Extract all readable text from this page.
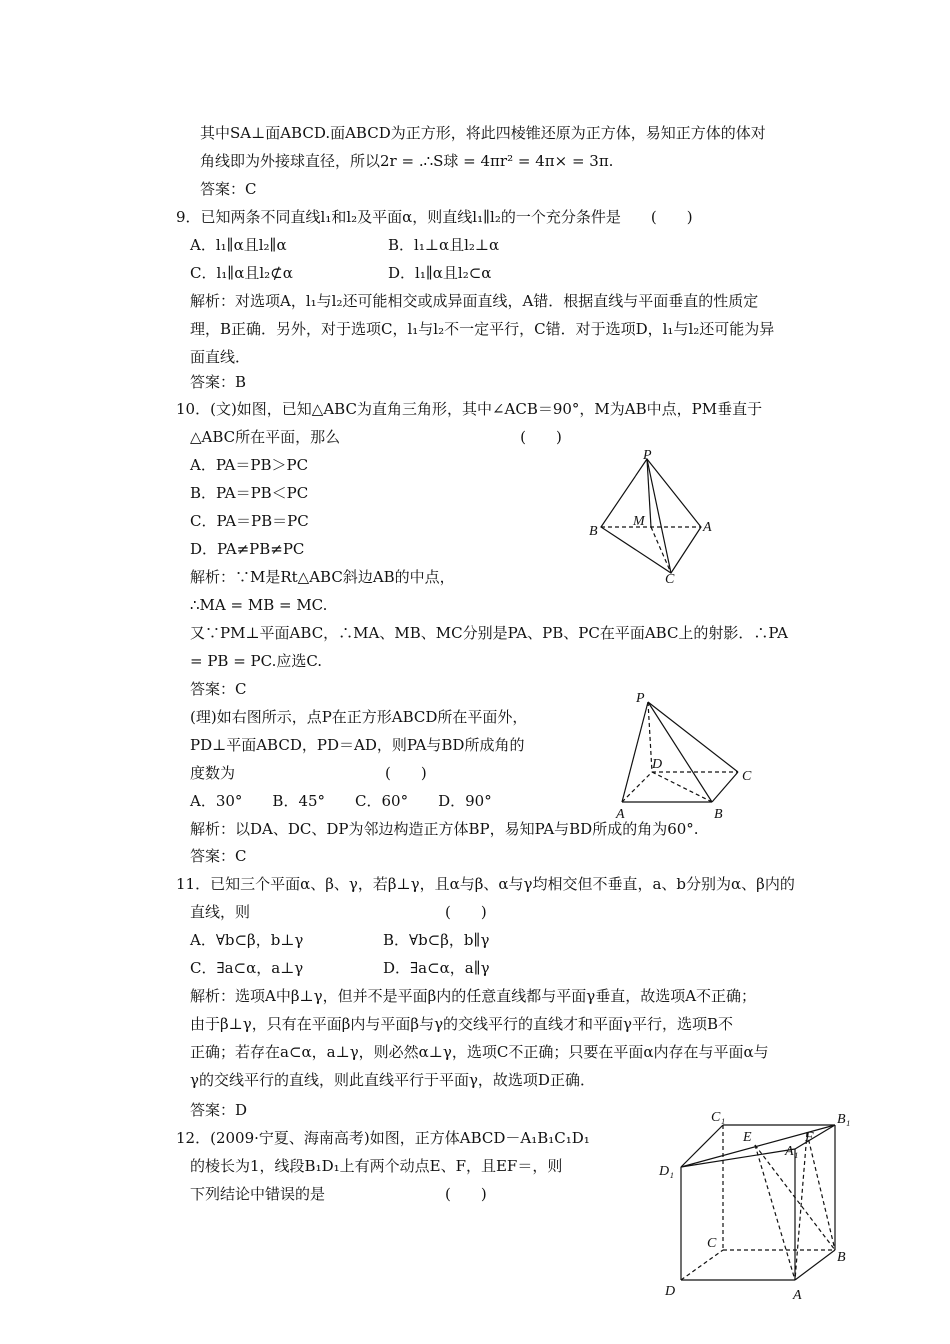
其中SA⊥面ABCD.面ABCD为正方形，将此四棱锥还原为正方体，易知正方体的体对
角线即为外接球直径，所以2r = .∴S球 = 4πr² = 4π× = 3π.
答案：C
9．已知两条不同直线l₁和l₂及平面α，则直线l₁∥l₂的一个充分条件是　　(　　)
A．l₁∥α且l₂∥α	B．l₁⊥α且l₂⊥α
C．l₁∥α且l₂⊄α	D．l₁∥α且l₂⊂α
解析：对选项A，l₁与l₂还可能相交或成异面直线，A错．根据直线与平面垂直的性质定
理，B正确．另外，对于选项C，l₁与l₂不一定平行，C错．对于选项D，l₁与l₂还可能为异
面直线．
答案：B
10．(文)如图，已知△ABC为直角三角形，其中∠ACB＝90°，M为AB中点，PM垂直于
△ABC所在平面，那么　　　　　　　　　　　　(　　)
A．PA＝PB＞PC
B．PA＝PB＜PC
C．PA＝PB＝PC
D．PA≠PB≠PC
解析：∵M是Rt△ABC斜边AB的中点，
∴MA = MB = MC.
又∵PM⊥平面ABC，∴MA、MB、MC分别是PA、PB、PC在平面ABC上的射影．∴PA
= PB = PC.应选C.
答案：C
(理)如右图所示，点P在正方形ABCD所在平面外，
PD⊥平面ABCD，PD＝AD，则PA与BD所成角的
度数为　　　　　　　　　　(　　)
A．30°　　B．45°　　C．60°　　D．90°
解析：以DA、DC、DP为邻边构造正方体BP，易知PA与BD所成的角为60°.
答案：C
11．已知三个平面α、β、γ，若β⊥γ，且α与β、α与γ均相交但不垂直，a、b分别为α、β内的
直线，则　　　　　　　　　　　　　(　　)
A．∀b⊂β，b⊥γ	B．∀b⊂β，b∥γ
C．∃a⊂α，a⊥γ	D．∃a⊂α，a∥γ
解析：选项A中β⊥γ，但并不是平面β内的任意直线都与平面γ垂直，故选项A不正确；
由于β⊥γ，只有在平面β内与平面β与γ的交线平行的直线才和平面γ平行，选项B不
正确；若存在a⊂α，a⊥γ，则必然α⊥γ，选项C不正确；只要在平面α内存在与平面α与
γ的交线平行的直线，则此直线平行于平面γ，故选项D正确．
答案：D
12．(2009·宁夏、海南高考)如图，正方体ABCD－A₁B₁C₁D₁
的棱长为1，线段B₁D₁上有两个动点E、F，且EF＝，则
下列结论中错误的是　　　　　　　　(　　)
P
B
M	A
C
P
D
C
A	B
C₁	B₁
D₁
E
A₁
F
C
B
D	A
